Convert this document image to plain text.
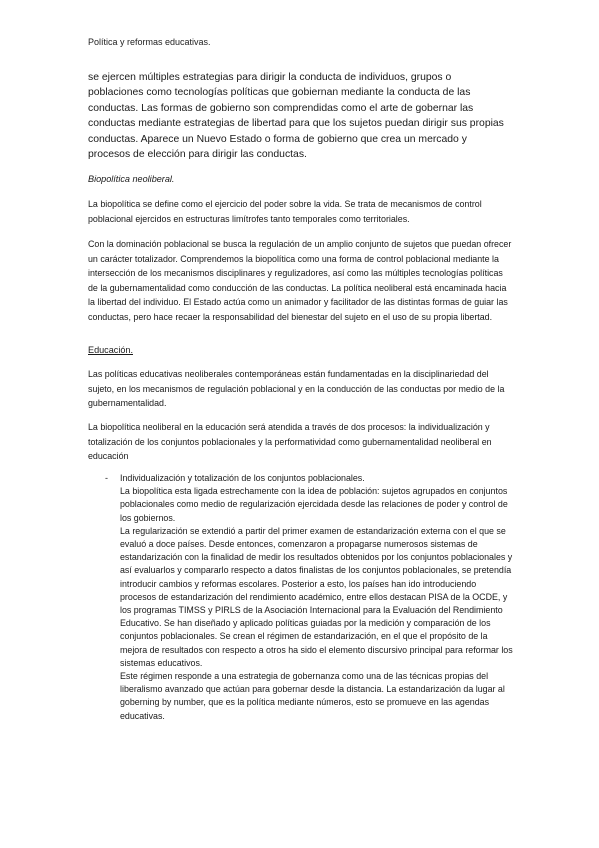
Política y reformas educativas.

se ejercen múltiples estrategias para dirigir la conducta de individuos, grupos o poblaciones como tecnologías políticas que gobiernan mediante la conducta de las conductas. Las formas de gobierno son comprendidas como el arte de gobernar las conductas mediante estrategias de libertad para que los sujetos puedan dirigir sus propias conductas. Aparece un Nuevo Estado o forma de gobierno que crea un mercado y procesos de elección para dirigir las conductas.

Biopolítica neoliberal.

La biopolítica se define como el ejercicio del poder sobre la vida. Se trata de mecanismos de control poblacional ejercidos en estructuras limítrofes tanto temporales como territoriales.

Con la dominación poblacional se busca la regulación de un amplio conjunto de sujetos que puedan ofrecer un carácter totalizador. Comprendemos la biopolítica como una forma de control poblacional mediante la intersección de los mecanismos disciplinares y regulizadores, así como las múltiples tecnologías políticas de la gubernamentalidad como conducción de las conductas. La política neoliberal está encaminada hacia la libertad del individuo. El Estado actúa como un animador y facilitador de las distintas formas de guiar las conductas, pero hace recaer la responsabilidad del bienestar del sujeto en el uso de su propia libertad.

Educación.

Las políticas educativas neoliberales contemporáneas están fundamentadas en la disciplinariedad del sujeto, en los mecanismos de regulación poblacional y en la conducción de las conductas por medio de la gubernamentalidad.

La biopolítica neoliberal en la educación será atendida a través de dos procesos: la individualización y totalización de los conjuntos poblacionales y la performatividad como gubernamentalidad neoliberal en educación

-	Individualización y totalización de los conjuntos poblacionales.

La biopolítica esta ligada estrechamente con la idea de población: sujetos agrupados en conjuntos poblacionales como medio de regularización ejercidada desde las relaciones de poder y control de los gobiernos.

La regularización se extendió a partir del primer examen de estandarización externa con el que se evaluó a doce países. Desde entonces, comenzaron a propagarse numerosos sistemas de estandarización con la finalidad de medir los resultados obtenidos por los conjuntos poblacionales y así evaluarlos y compararlo respecto a datos finalistas de los conjuntos poblacionales, se pretendía introducir cambios y reformas escolares. Posterior a esto, los países han ido introduciendo procesos de estandarización del rendimiento académico, entre ellos destacan PISA de la OCDE, y los programas TIMSS y PIRLS de la Asociación Internacional para la Evaluación del Rendimiento Educativo. Se han diseñado y aplicado políticas guiadas por la medición y comparación de los conjuntos poblacionales. Se crean el régimen de estandarización, en el que el propósito de la mejora de resultados con respecto a otros ha sido el elemento discursivo principal para reformar los sistemas educativos.

Este régimen responde a una estrategia de gobernanza como una de las técnicas propias del liberalismo avanzado que actúan para gobernar desde la distancia. La estandarización da lugar al goberning by number, que es la política mediante números, esto se promueve en las agendas educativas.
